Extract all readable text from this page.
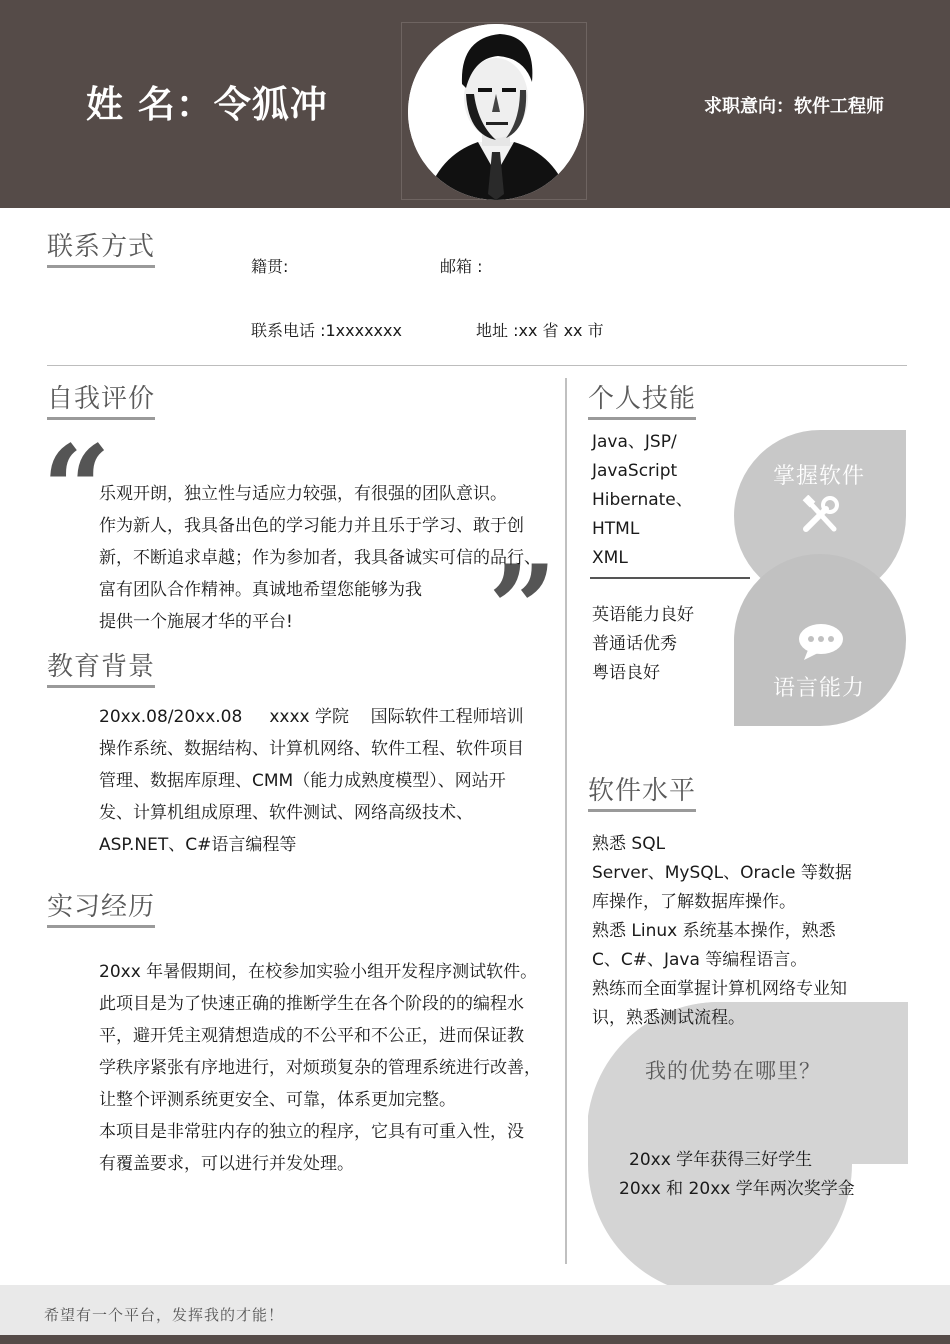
姓 名：令狐冲	求职意向：软件工程师
联系方式
籍贯:	邮箱 :
联系电话 :1xxxxxxx	地址 :xx 省 xx 市
自我评价
“
”
乐观开朗，独立性与适应力较强，有很强的团队意识。
作为新人，我具备出色的学习能力并且乐于学习、敢于创
新，不断追求卓越；作为参加者，我具备诚实可信的品行、
富有团队合作精神。真诚地希望您能够为我
提供一个施展才华的平台!
教育背景
20xx.08/20xx.08     xxxx 学院    国际软件工程师培训
操作系统、数据结构、计算机网络、软件工程、软件项目
管理、数据库原理、CMM（能力成熟度模型）、网站开
发、计算机组成原理、软件测试、网络高级技术、
ASP.NET、C#语言编程等
实习经历
20xx 年暑假期间，在校参加实验小组开发程序测试软件。
此项目是为了快速正确的推断学生在各个阶段的的编程水
平，避开凭主观猜想造成的不公平和不公正，进而保证教
学秩序紧张有序地进行，对烦琐复杂的管理系统进行改善，
让整个评测系统更安全、可靠，体系更加完整。
本项目是非常驻内存的独立的程序，它具有可重入性，没
有覆盖要求，可以进行并发处理。
个人技能
掌握软件
语言能力
Java、JSP/
JavaScript
Hibernate、
HTML
XML
英语能力良好
普通话优秀
粤语良好
软件水平
熟悉 SQL
Server、MySQL、Oracle 等数据
库操作，了解数据库操作。
熟悉 Linux 系统基本操作，熟悉
C、C#、Java 等编程语言。
熟练而全面掌握计算机网络专业知
识，熟悉测试流程。
我的优势在哪里？
20xx 学年获得三好学生
20xx 和 20xx 学年两次奖学金
希望有一个平台，发挥我的才能！
